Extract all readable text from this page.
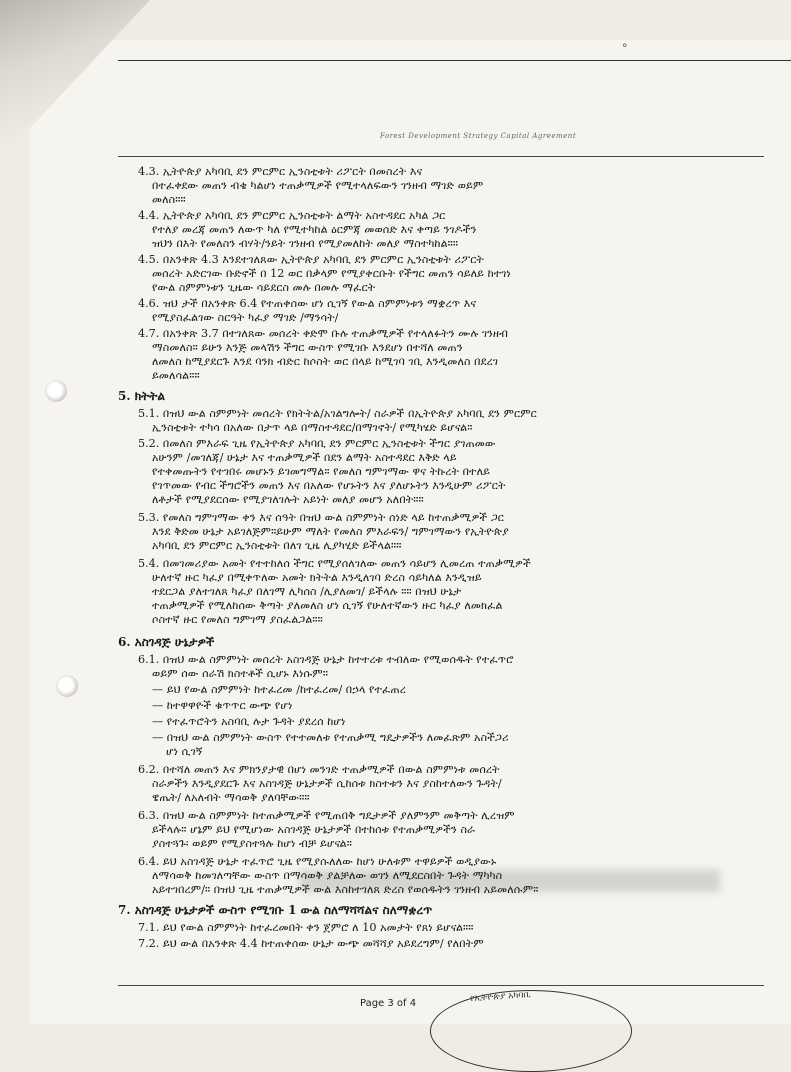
°
Forest Development Strategy Capital Agreement
4.3. ኢትዮጵያ አካባቢ ደን ምርምር ኢንስቲቱት ሪፖርት በመስረት እና
በተፈቀደው መጠን ብቄ ካልሆነ ተጠቃሚዎች የሚተላለፍውን ገንዘብ ማገድ ወይም
መለስ።።
4.4. ኢትዮጵያ አካባቢ ደን ምርምር ኢንስቲቱት ልማት አስተዳደር አካል ጋር
የተለያ መረጃ መጠን ለውጥ ካለ የሚተካከል ዕርምጃ መወሰድ እና ቀጣይ ንገዶችን
ዝህን በእት የመለስን ብሃት/ንይት ገንዘብ የሚያመለከት መለያ ማስተካከል።።
4.5. በአንቀጽ 4.3 እንደተገለጸው ኢትዮጵያ አካባቢ ደን ምርምር ኢንስቲቱት ሪፖርት
መሰረት አድርገው ቡድኖች በ 12 ወር በቃላም የሚያቀርቡት የችግር መጠን ሳይለይ ከተገነ
የውል ስምምነቱን ጊዜው ሳይደርስ መሉ በመሉ ማፈርት
4.6. ዝህ ታች በአንቀጽ 6.4 የተጠቀሰው ሆነ ሲገኝ የውል ስምምነቱን ማቋረጥ እና
የሚያስፈልገው ስርዓት ካፈያ ማገድ /ማንሳት/
4.7. በአንቀጽ 3.7 በተገለጸው መሰረት ቀድሞ ቡሉ ተጠቃሚዎች የተላለፉትን ሙሉ ገንዘብ
ማስመለስ። ይሁን እንጅ መላሽን ችግር ውስጥ የሚገቡ እንደሆነ በተሻለ መጠን
ለመለስ ከሚያደርጉ እንደ ባንክ ብድር ከሶስት ወር በላይ ከሚገባ ገቢ እንዲመለስ በደረገ
ይመለሳል።።
5. ክትትል
5.1. በዝህ ውል ስምምነት መሰረት የክትትል/አገልግሎት/ ስራዎች በኢትዮጵያ አካባቢ ደን ምርምር
ኢንስቲቱት ተካሳ በአለው በታጥ ላይ በማስተዳደር/በማገኖት/ የሚካሄድ ይሆናል።
5.2. በመለስ ምእራፍ ጊዜ የኢትዮጵያ አካባቢ ደን ምርምር ኢንስቲቱት ችግር ያገጠመው
አሁንም /መገለጃ/ ሁኔታ እና ተጠቃሚዎች በደን ልማት አስተዳደር እቅድ ላይ
የተቀመጡትን የተገበሩ መሆኑን ይገመግማል። የመለስ ግምገማው ዋና ትኩረት በተለይ
የገጥመው የብር ችግሮችን መጠን እና በአለው የሆኑትን እና ያለሆኑትን እንዲሁም ሪፖርት
ለቶታች የሚያደርሰው የሚያገለገሉት አይነት መለያ መሆን አለበት።።
5.3. የመለስ ግምገማው ቀን እና ሰዓት በዝህ ውል ስምምነት ሰነድ ላይ ከተጠቃሚዎች ጋር
እንደ ቅድመ ሁኔታ አይገለጅም።ይሁም ማለት የመለስ ምእራፍን/ ግምገማውን የኢትዮጵያ
አካባቢ ደን ምርምር ኢንስቲቱት በለገ ጊዜ ሊያካሂድ ይችላል።።
5.4. በመገመሪያው አመት የተተከለሰ ችግር የሚያሰለገለው መጠን ሳይሆን ሊመረጠ ተጠቃሚዎች
ሁለተኛ ዙር ካፈያ በሚቀጥለው አመት ክትትል እንዲለገባ ድረስ ሳይካለል እንዲዝይ
ተደርጋል ያለተገለጸ ካፈያ በለገማ ሊካሰስ /ሊያለመገ/ ይችላሉ ።። በዝህ ሁኔታ
ተጠቃሚዎች የሚለከሰው ቅጣት ያለመለስ ሆነ ሲገኝ የሁለተኛውን ዙር ካፈያ ለመክፈል
ሶስተኛ ዙር የመለስ ግምገማ ያስፈልጋል።።
6. አስገዳጅ ሁኔታዎች
6.1. በዝህ ውል ስምምነት መሰረት አስገዳጅ ሁኔታ ከተተረቱ ተብለው የሚወሰዱት የተፈጥሮ
ወይም ሰው ሰራሽ ክስተቶች ሲሆኑ እነሱም።
— ይህ የውል ስምምነት ከተፈረመ /ከተፈረመ/ በኃላ የተፈጠረ
— ከተዋዋዮች ቁጥጥር ውጭ የሆነ
— የተፈጥሮትን አስባቢ ሉታ ጉዳት ያደረሰ ከሆነ
— በዝህ ውል ስምምነት ውስጥ የተተመለቱ የተጠቃሚ ግዴታዎችን ለመፈጽም አስችጋሪ
ሆነ ሲገኝ
6.2. በተሻለ መጠን እና ምክንያታዊ በሆነ መንገድ ተጠቃሚዎች በውል ስምምነቱ መሰረት
ስራዎችን እንዲያደርጉ እና አስገዳጅ ሁኔታዎች ሲከሰቱ ክስተቱን እና ያስከተለውን ጉዳት/
ዌጤት/ ለአለብት ማሳወቅ ያለባቸው።።
6.3. በዝህ ውል ስምምነት ከተጠቃሚዎች የሚጠበቅ ግዴታዎች ያለምንም መቅጣት ሊረዝም
ይችላሉ። ሆኔም ይህ የሚሆነው አስገዳጅ ሁኔታዎች በተከሰቱ የተጠቃሚዎችን ስራ
ያስተጓጉ፡ ወይም የሚያስተጓሉ ከሆነ ብቻ ይሆናል።
6.4. ይህ አስገዳጅ ሁኔታ ተፈጥሮ ጊዜ የሚያሱለለው ከሆነ ሁለቱም ተዋይዎች ወዲያውኑ
ለማሳወቅ ከመገለጣቸው ውስጥ በማሳወቅ ያልቻለው ወገን ለሚደርስበት ጉዳት ማካካስ
አይተገበረም/። በዝህ ጊዜ ተጠቃሚዎች ውል እስከተገለጸ ድረስ የወሰዱትን ገንዘብ አይመለሱም።
7. አስገዳጅ ሁኔታዎች ውስጥ የሚገቡ 1 ውል ስለማሻሻልና ስለማቋረጥ
7.1. ይህ የውል ስምምነት ከተፈረመበት ቀን ጀምሮ ለ 10 አመታት የጸነ ይሆናል።።
7.2. ይህ ውል በአንቀጽ 4.4 ከተጠቀሰው ሁኔታ ውጭ መሻሻያ አይደረግም/ የለበትም
Page 3 of 4	የኢትዮጵያ አካባቢ
